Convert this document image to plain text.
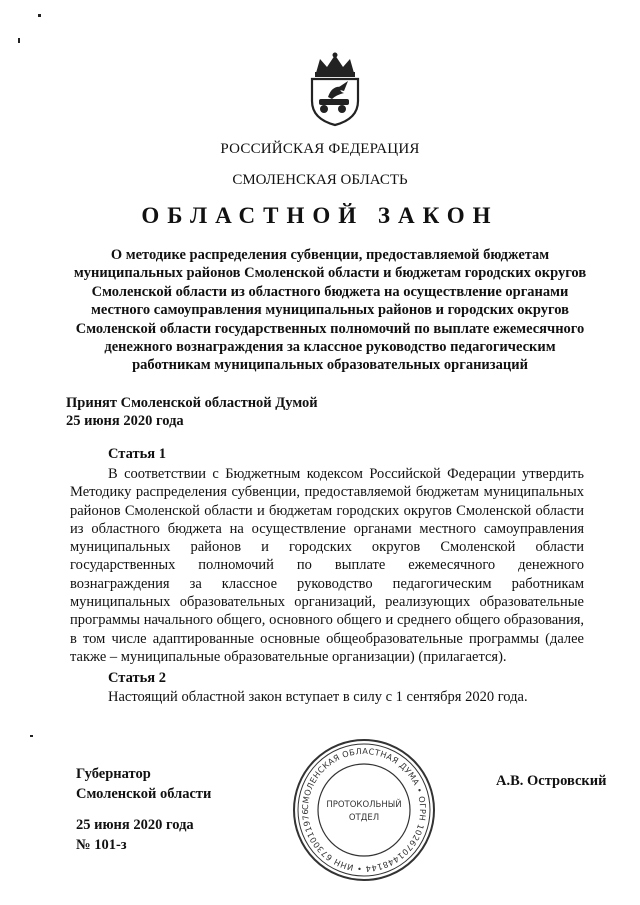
РОССИЙСКАЯ ФЕДЕРАЦИЯ
СМОЛЕНСКАЯ ОБЛАСТЬ
ОБЛАСТНОЙ ЗАКОН
О методике распределения субвенции, предоставляемой бюджетам
муниципальных районов Смоленской области и бюджетам городских округов
Смоленской области из областного бюджета на осуществление органами
местного самоуправления муниципальных районов и городских округов
Смоленской области государственных полномочий по выплате ежемесячного
денежного вознаграждения за классное руководство педагогическим
работникам муниципальных образовательных организаций
Принят Смоленской областной Думой
25 июня 2020 года
Статья 1
В соответствии с Бюджетным кодексом Российской Федерации утвердить Методику распределения субвенции, предоставляемой бюджетам муниципальных районов Смоленской области и бюджетам городских округов Смоленской области из областного бюджета на осуществление органами местного самоуправления муниципальных районов и городских округов Смоленской области государственных полномочий по выплате ежемесячного денежного вознаграждения за классное руководство педагогическим работникам муниципальных образовательных организаций, реализующих образовательные программы начального общего, основного общего и среднего общего образования, в том числе адаптированные основные общеобразовательные программы (далее также – муниципальные образовательные организации) (прилагается).
Статья 2
Настоящий областной закон вступает в силу с 1 сентября 2020 года.
Губернатор
Смоленской области
А.В. Островский
25 июня 2020 года
№ 101-з
СМОЛЕНСКАЯ ОБЛАСТНАЯ ДУМА • ОГРН 1026701448144 • ИНН 6730011976
ПРОТОКОЛЬНЫЙ
ОТДЕЛ
